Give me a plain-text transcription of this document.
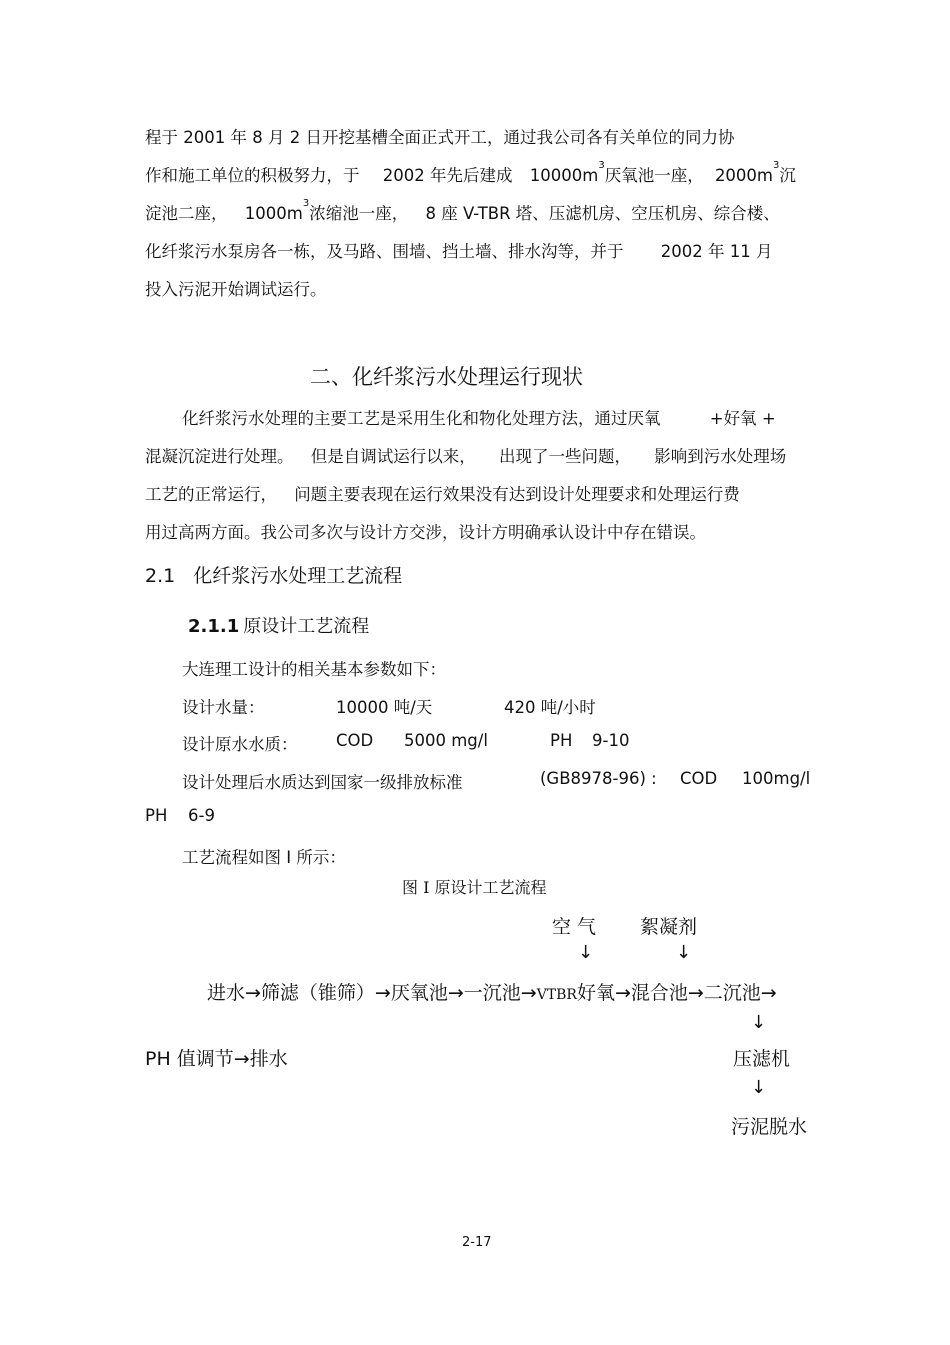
程于 2001 年 8 月 2 日开挖基槽全面正式开工，通过我公司各有关单位的同力协
作和施工单位的积极努力，于 2002 年先后建成 $10000m^3$厌氧池一座， $2000m^3$沉
淀池二座， $1000m^3$浓缩池一座， 8 座 V-TBR 塔、压滤机房、空压机房、综合楼、
化纤浆污水泵房各一栋，及马路、围墙、挡土墙、排水沟等，并于 2002 年 11 月
投入污泥开始调试运行。
二、化纤浆污水处理运行现状
化纤浆污水处理的主要工艺是采用生化和物化处理方法，通过厌氧	+好氧 +
混凝沉淀进行处理。 但是自调试运行以来， 出现了一些问题， 影响到污水处理场
工艺的正常运行， 问题主要表现在运行效果没有达到设计处理要求和处理运行费
用过高两方面。我公司多次与设计方交涉，设计方明确承认设计中存在错误。
2.1 化纤浆污水处理工艺流程
2.1.1 原设计工艺流程
大连理工设计的相关基本参数如下：
设计水量：	10000 吨/天	420 吨/小时
设计原水水质： COD 5000 mg/l	PH 9-10
设计处理后水质达到国家一级排放标准	(GB8978-96) : COD 100mg/l
PH 6-9
工艺流程如图 I 所示：
图 I 原设计工艺流程
空 气 絮凝剂
↓	↓
进水→筛滤（锥筛）→厌氧池→一沉池→VTBR好氧→混合池→二沉池→
↓
PH 值调节→排水	压滤机
↓
污泥脱水
2-17
